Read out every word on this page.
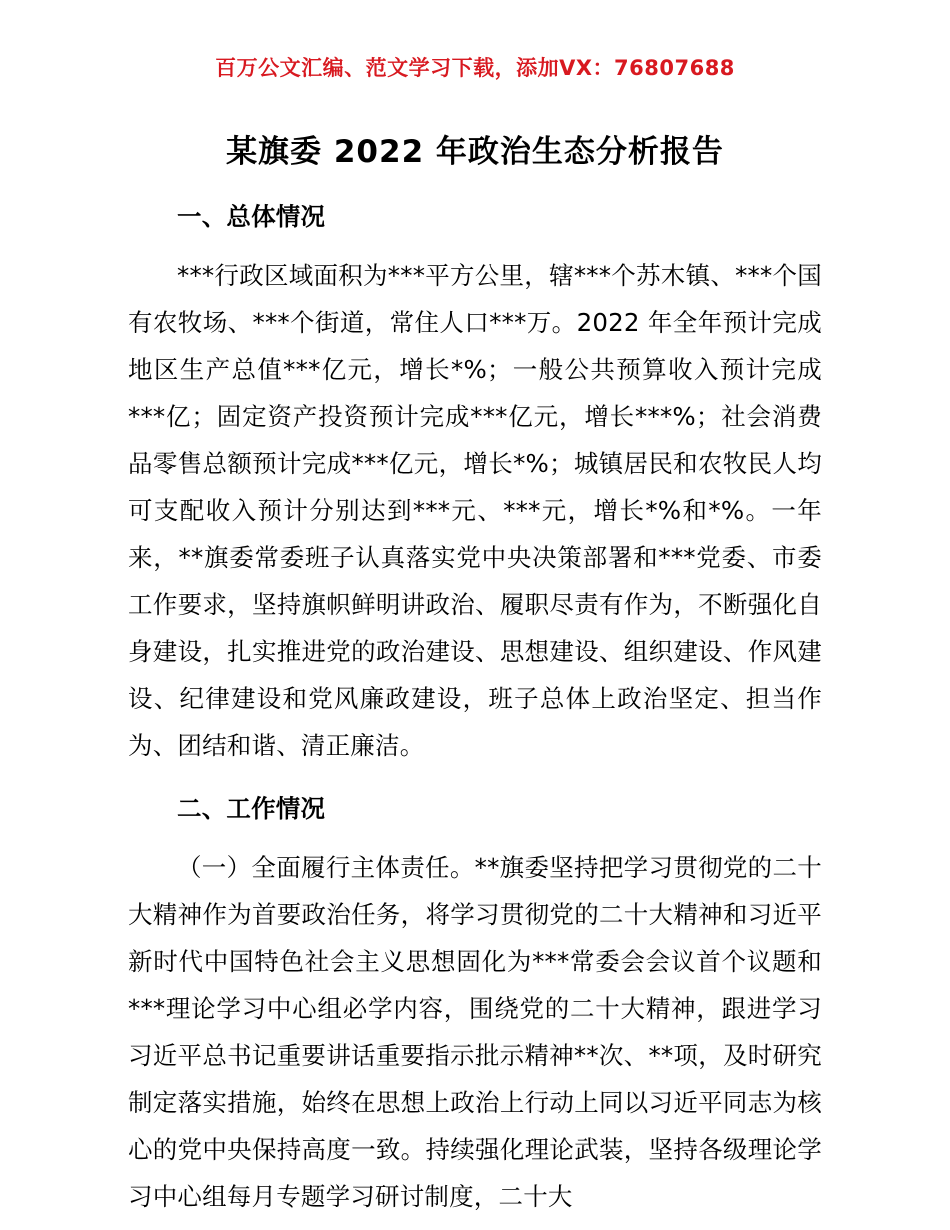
百万公文汇编、范文学习下载，添加VX：76807688
某旗委 2022 年政治生态分析报告
一、总体情况

***行政区域面积为***平方公里，辖***个苏木镇、***个国有农牧场、***个街道，常住人口***万。2022 年全年预计完成地区生产总值***亿元，增长*%；一般公共预算收入预计完成***亿；固定资产投资预计完成***亿元，增长***%；社会消费品零售总额预计完成***亿元，增长*%；城镇居民和农牧民人均可支配收入预计分别达到***元、***元，增长*%和*%。一年来，**旗委常委班子认真落实党中央决策部署和***党委、市委工作要求，坚持旗帜鲜明讲政治、履职尽责有作为，不断强化自身建设，扎实推进党的政治建设、思想建设、组织建设、作风建设、纪律建设和党风廉政建设，班子总体上政治坚定、担当作为、团结和谐、清正廉洁。

二、工作情况

（一）全面履行主体责任。**旗委坚持把学习贯彻党的二十大精神作为首要政治任务，将学习贯彻党的二十大精神和习近平新时代中国特色社会主义思想固化为***常委会会议首个议题和***理论学习中心组必学内容，围绕党的二十大精神，跟进学习习近平总书记重要讲话重要指示批示精神**次、**项，及时研究制定落实措施，始终在思想上政治上行动上同以习近平同志为核心的党中央保持高度一致。持续强化理论武装，坚持各级理论学习中心组每月专题学习研讨制度，二十大
